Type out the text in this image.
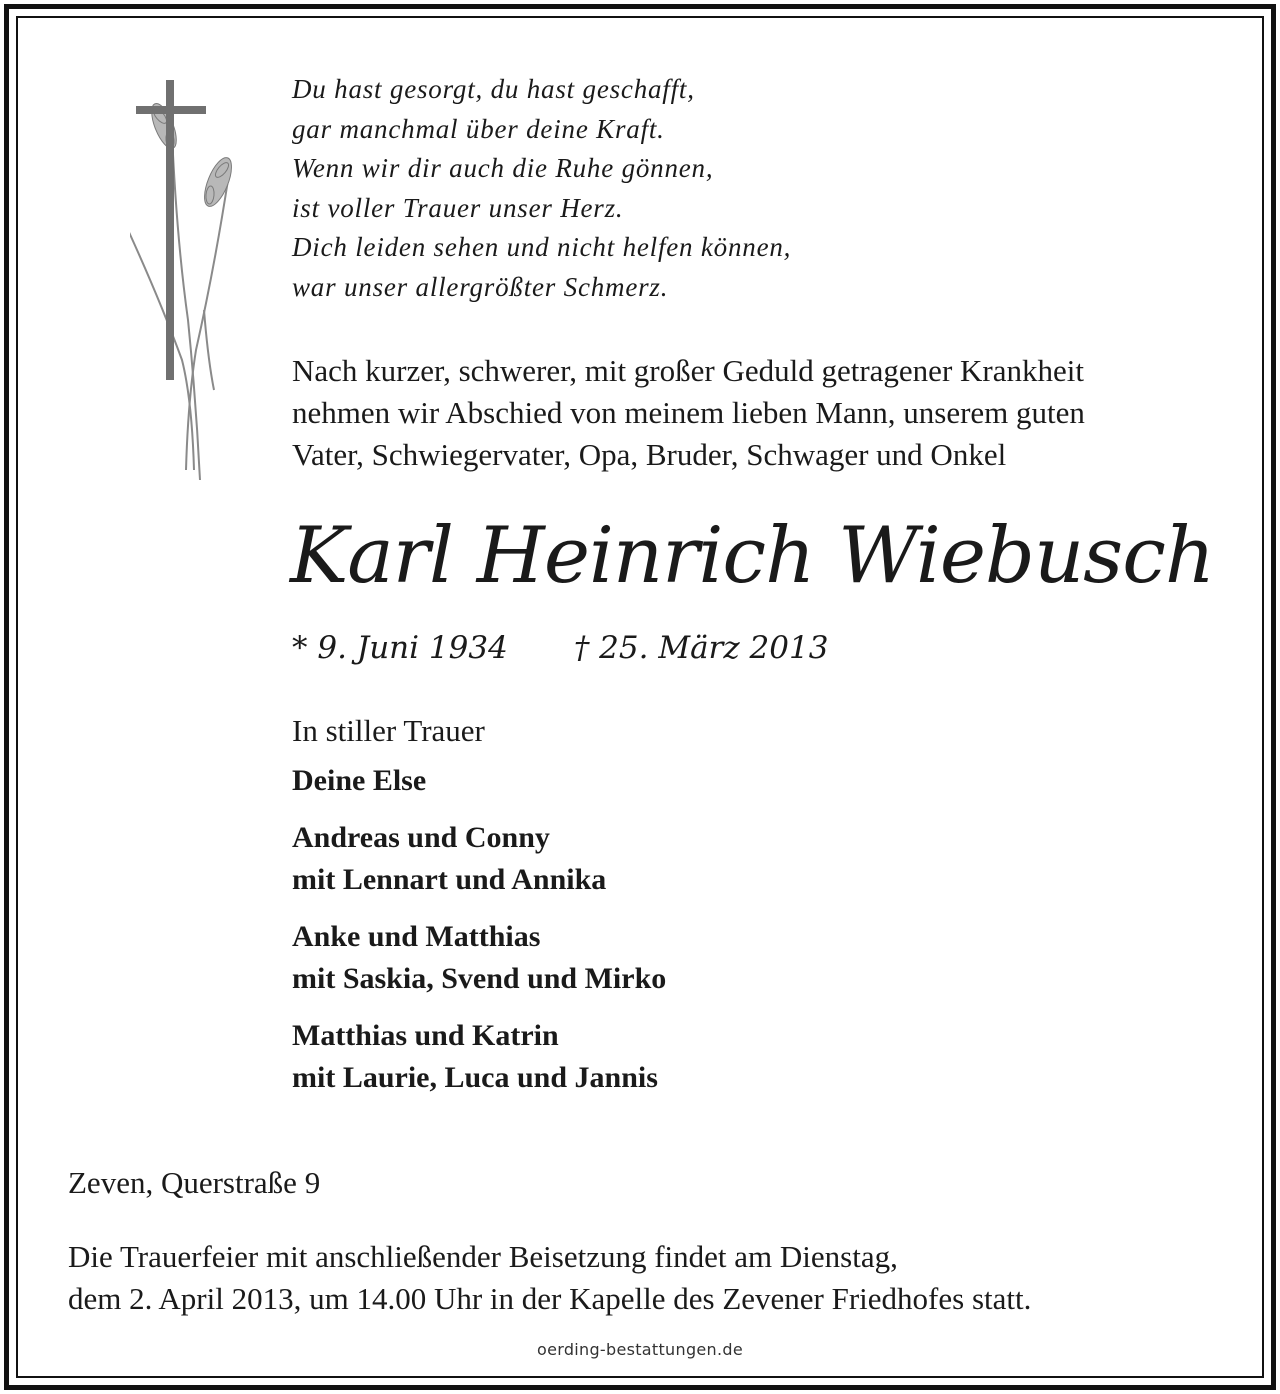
Du hast gesorgt, du hast geschafft,
gar manchmal über deine Kraft.
Wenn wir dir auch die Ruhe gönnen,
ist voller Trauer unser Herz.
Dich leiden sehen und nicht helfen können,
war unser allergrößter Schmerz.
Nach kurzer, schwerer, mit großer Geduld getragener Krankheit
nehmen wir Abschied von meinem lieben Mann, unserem guten
Vater, Schwiegervater, Opa, Bruder, Schwager und Onkel
Karl Heinrich Wiebusch
* 9. Juni 1934 † 25. März 2013
In stiller Trauer
Deine Else
Andreas und Conny
mit Lennart und Annika
Anke und Matthias
mit Saskia, Svend und Mirko
Matthias und Katrin
mit Laurie, Luca und Jannis
Zeven, Querstraße 9
Die Trauerfeier mit anschließender Beisetzung findet am Dienstag,
dem 2. April 2013, um 14.00 Uhr in der Kapelle des Zevener Friedhofes statt.
oerding-bestattungen.de
